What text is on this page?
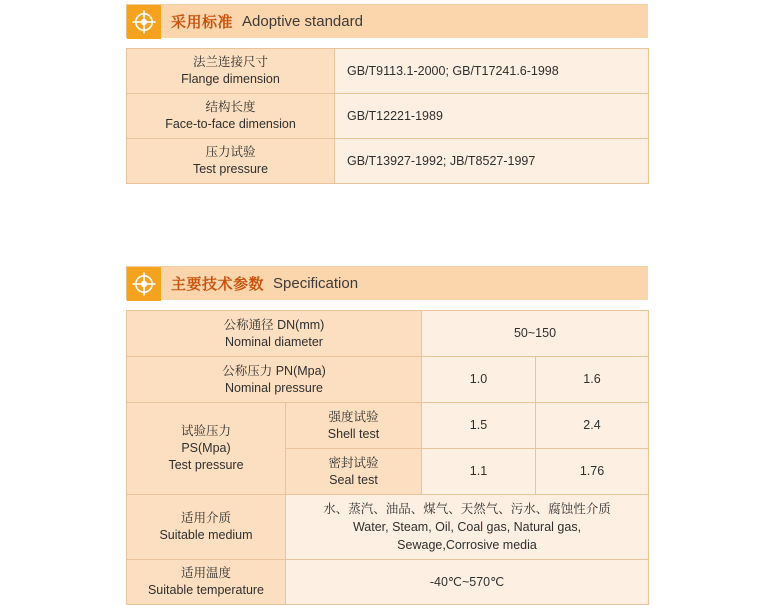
采用标准 Adoptive standard
法兰连接尺寸
Flange dimension	GB/T9113.1-2000; GB/T17241.6-1998

结构长度
Face-to-face dimension	GB/T12221-1989

压力试验
Test pressure	GB/T13927-1992; JB/T8527-1997
主要技术参数 Specification
公称通径 DN(mm)
Nominal diameter		50~150	

公称压力 PN(Mpa)
Nominal pressure		1.0	1.6

试验压力
PS(Mpa)
Test pressure	强度试验
Shell test	1.5	2.4

	密封试验
Seal test	1.1	1.76

适用介质
Suitable medium	水、蒸汽、油品、煤气、天然气、污水、腐蚀性介质
Water, Steam, Oil, Coal gas, Natural gas,
Sewage,Corrosive media		

适用温度
Suitable temperature	-40℃~570℃		
